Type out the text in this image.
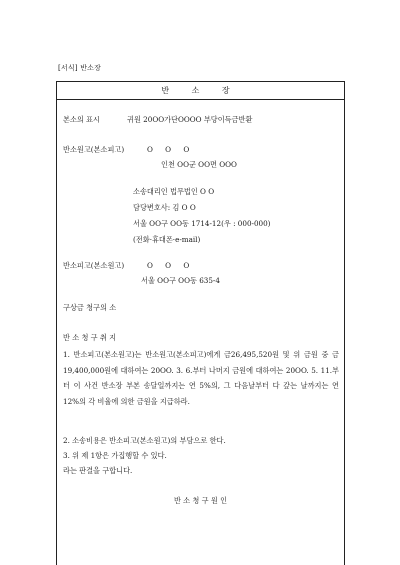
[서식] 반소장
반 소 장
본소의 표시	귀원 20OO가단OOOO 부당이득금반환
반소원고(본소피고)	O O O
인천 OO군 OO면 OOO
소송대리인 법무법인 O O
담당변호사: 김 O O
서울 OO구 OO동 1714-12(우 : 000-000)
(전화·휴대폰·e-mail)
반소피고(본소원고)	O O O
서울 OO구 OO동 635-4
구상금 청구의 소
반 소 청 구 취 지
1. 반소피고(본소원고)는 반소원고(본소피고)에게 금26,495,520원 및 위 금원 중 금 19,400,000원에 대하여는 20OO. 3. 6.부터 나머지 금원에 대하여는 20OO. 5. 11.부터 이 사건 반소장 부본 송달일까지는 연 5%의, 그 다음날부터 다 갚는 날까지는 연 12%의 각 비율에 의한 금원을 지급하라.
2. 소송비용은 반소피고(본소원고)의 부담으로 한다.
3. 위 제 1항은 가집행할 수 있다.
라는 판결을 구합니다.
반 소 청 구 원 인
